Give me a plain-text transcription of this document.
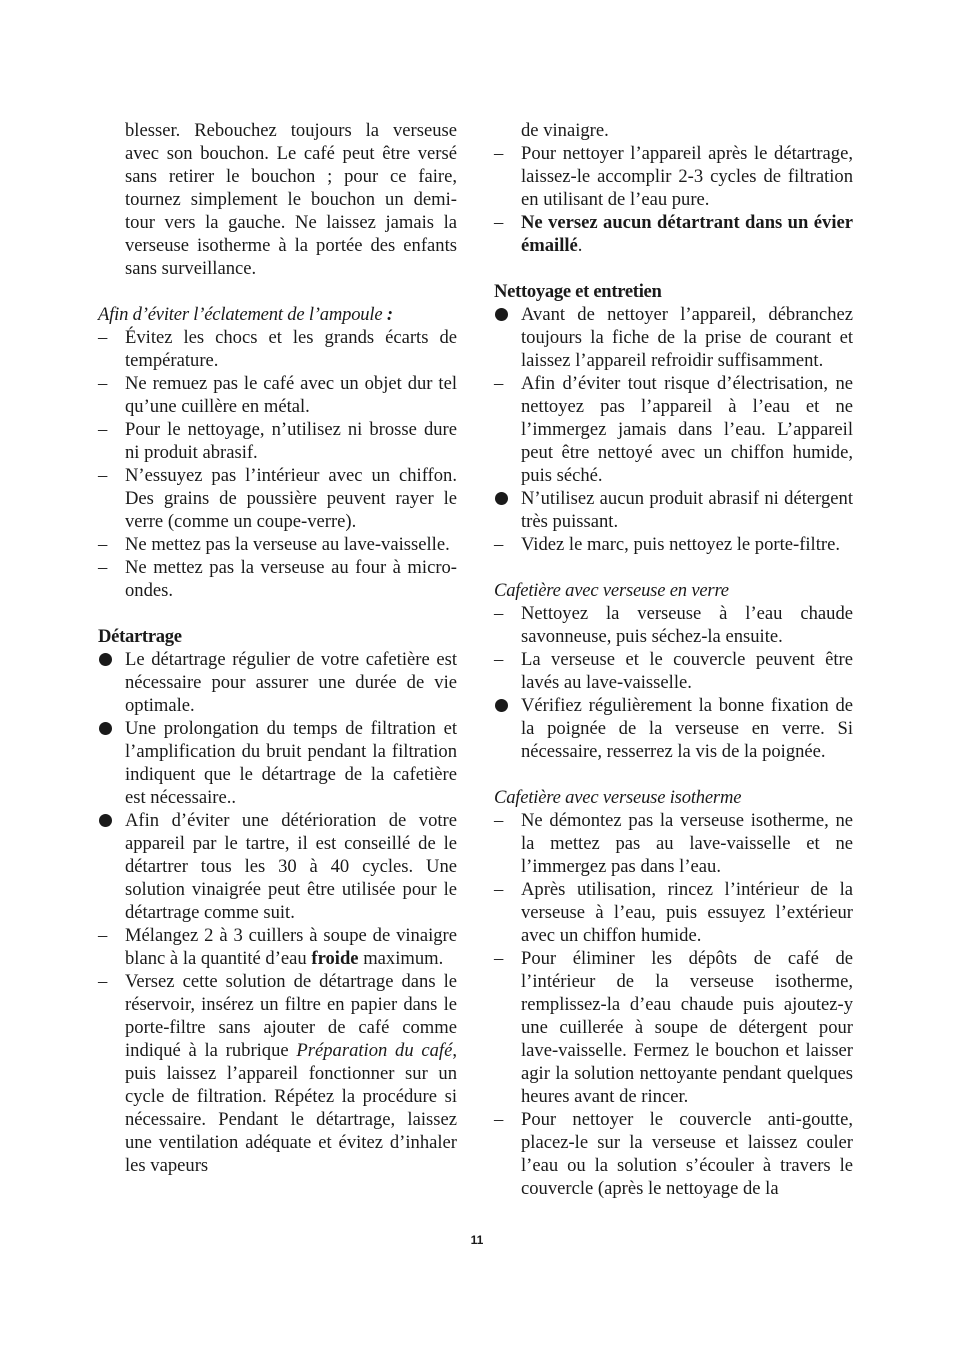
blesser. Rebouchez toujours la verseuse avec son bouchon. Le café peut être versé sans retirer le bouchon ; pour ce faire, tournez simplement le bouchon un demi-tour vers la gauche. Ne laissez jamais la verseuse isotherme à la portée des enfants sans surveillance.

Afin d’éviter l’éclatement de l’ampoule :

– Évitez les chocs et les grands écarts de température.

– Ne remuez pas le café avec un objet dur tel qu’une cuillère en métal.

– Pour le nettoyage, n’utilisez ni brosse dure ni produit abrasif.

– N’essuyez pas l’intérieur avec un chiffon. Des grains de poussière peuvent rayer le verre (comme un coupe-verre).

– Ne mettez pas la verseuse au lave-vaisselle.

– Ne mettez pas la verseuse au four à micro-ondes.

Détartrage

Le détartrage régulier de votre cafetière est nécessaire pour assurer une durée de vie optimale.

Une prolongation du temps de filtration et l’amplification du bruit pendant la filtration indiquent que le détartrage de la cafetière est nécessaire..

Afin d’éviter une détérioration de votre appareil par le tartre, il est conseillé de le détartrer tous les 30 à 40 cycles. Une solution vinaigrée peut être utilisée pour le détartrage comme suit.

– Mélangez 2 à 3 cuillers à soupe de vinaigre blanc à la quantité d’eau froide maximum.

– Versez cette solution de détartrage dans le réservoir, insérez un filtre en papier dans le porte-filtre sans ajouter de café comme indiqué à la rubrique Préparation du café, puis laissez l’appareil fonctionner sur un cycle de filtration. Répétez la procédure si nécessaire. Pendant le détartrage, laissez une ventilation adéquate et évitez d’inhaler les vapeurs

de vinaigre.

– Pour nettoyer l’appareil après le détartrage, laissez-le accomplir 2-3 cycles de filtration en utilisant de l’eau pure.

– Ne versez aucun détartrant dans un évier émaillé.

Nettoyage et entretien

Avant de nettoyer l’appareil, débranchez toujours la fiche de la prise de courant et laissez l’appareil refroidir suffisamment.

– Afin d’éviter tout risque d’électrisation, ne nettoyez pas l’appareil à l’eau et ne l’immergez jamais dans l’eau. L’appareil peut être nettoyé avec un chiffon humide, puis séché.

N’utilisez aucun produit abrasif ni détergent très puissant.

– Videz le marc, puis nettoyez le porte-filtre.

Cafetière avec verseuse en verre

– Nettoyez la verseuse à l’eau chaude savonneuse, puis séchez-la ensuite.

– La verseuse et le couvercle peuvent être lavés au lave-vaisselle.

Vérifiez régulièrement la bonne fixation de la poignée de la verseuse en verre. Si nécessaire, resserrez la vis de la poignée.

Cafetière avec verseuse isotherme

– Ne démontez pas la verseuse isotherme, ne la mettez pas au lave-vaisselle et ne l’immergez pas dans l’eau.

– Après utilisation, rincez l’intérieur de la verseuse à l’eau, puis essuyez l’extérieur avec un chiffon humide.

– Pour éliminer les dépôts de café de l’intérieur de la verseuse isotherme, remplissez-la d’eau chaude puis ajoutez-y une cuillerée à soupe de détergent pour lave-vaisselle. Fermez le bouchon et laisser agir la solution nettoyante pendant quelques heures avant de rincer.

– Pour nettoyer le couvercle anti-goutte, placez-le sur la verseuse et laissez couler l’eau ou la solution s’écouler à travers le couvercle (après le nettoyage de la

11
